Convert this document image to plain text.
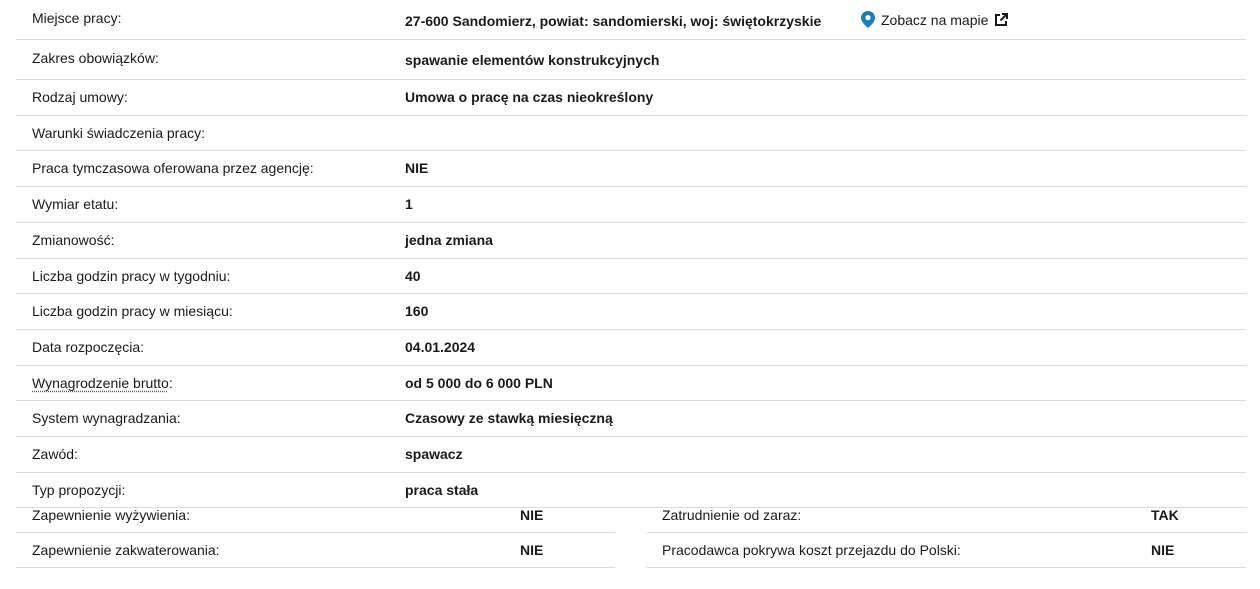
Miejsce pracy:	27-600 Sandomierz, powiat: sandomierski, woj: świętokrzyskie	Zobacz na mapie
Zakres obowiązków:	spawanie elementów konstrukcyjnych
Rodzaj umowy:	Umowa o pracę na czas nieokreślony
Warunki świadczenia pracy:
Praca tymczasowa oferowana przez agencję:	NIE
Wymiar etatu:	1
Zmianowość:	jedna zmiana
Liczba godzin pracy w tygodniu:	40
Liczba godzin pracy w miesiącu:	160
Data rozpoczęcia:	04.01.2024
Wynagrodzenie brutto:	od 5 000 do 6 000 PLN
System wynagradzania:	Czasowy ze stawką miesięczną
Zawód:	spawacz
Typ propozycji:	praca stała
Zapewnienie wyżywienia:	NIE
Zapewnienie zakwaterowania:	NIE
Zatrudnienie od zaraz:	TAK
Pracodawca pokrywa koszt przejazdu do Polski:	NIE
